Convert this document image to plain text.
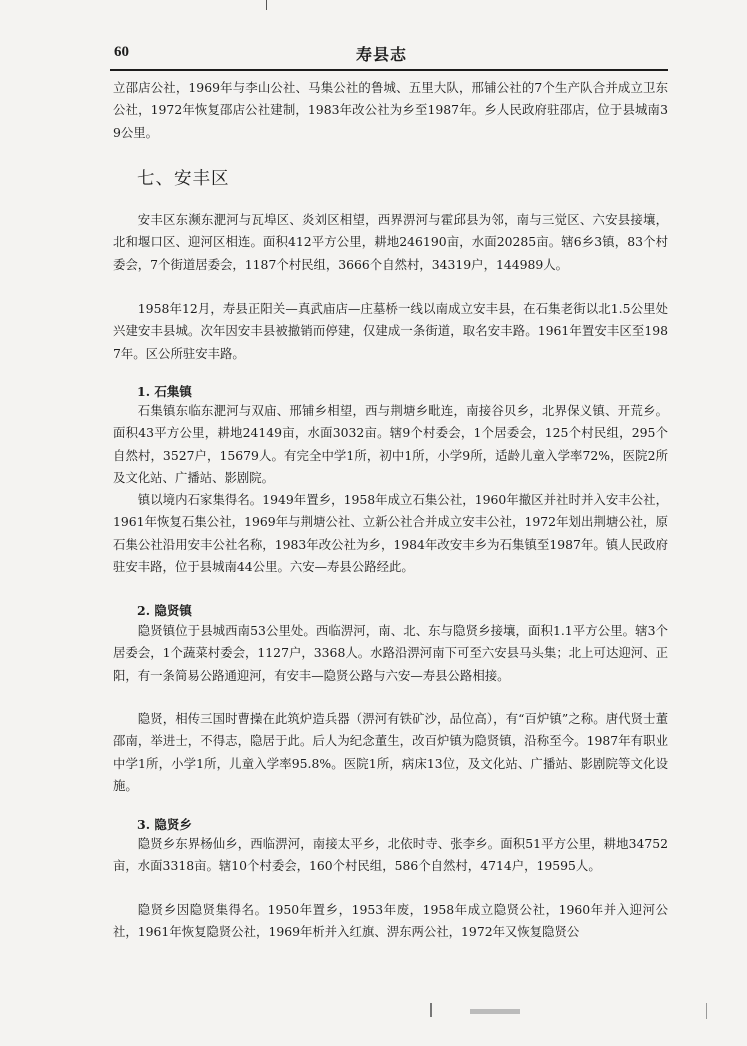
60	寿县志
立邵店公社，1969年与李山公社、马集公社的鲁城、五里大队，邢铺公社的7个生产队合并成立卫东公社，1972年恢复邵店公社建制，1983年改公社为乡至1987年。乡人民政府驻邵店，位于县城南39公里。
七、安丰区
安丰区东濒东淝河与瓦埠区、炎刘区相望，西界淠河与霍邱县为邻，南与三觉区、六安县接壤，北和堰口区、迎河区相连。面积412平方公里，耕地246190亩，水面20285亩。辖6乡3镇，83个村委会，7个街道居委会，1187个村民组，3666个自然村，34319户，144989人。
1958年12月，寿县正阳关—真武庙店—庄墓桥一线以南成立安丰县，在石集老街以北1.5公里处兴建安丰县城。次年因安丰县被撤销而停建，仅建成一条街道，取名安丰路。1961年置安丰区至1987年。区公所驻安丰路。
1. 石集镇
石集镇东临东淝河与双庙、邢铺乡相望，西与荆塘乡毗连，南接谷贝乡，北界保义镇、开荒乡。面积43平方公里，耕地24149亩，水面3032亩。辖9个村委会，1个居委会，125个村民组，295个自然村，3527户，15679人。有完全中学1所，初中1所，小学9所，适龄儿童入学率72%，医院2所及文化站、广播站、影剧院。
镇以境内石家集得名。1949年置乡，1958年成立石集公社，1960年撤区并社时并入安丰公社，1961年恢复石集公社，1969年与荆塘公社、立新公社合并成立安丰公社，1972年划出荆塘公社，原石集公社沿用安丰公社名称，1983年改公社为乡，1984年改安丰乡为石集镇至1987年。镇人民政府驻安丰路，位于县城南44公里。六安—寿县公路经此。
2. 隐贤镇
隐贤镇位于县城西南53公里处。西临淠河，南、北、东与隐贤乡接壤，面积1.1平方公里。辖3个居委会，1个蔬菜村委会，1127户，3368人。水路沿淠河南下可至六安县马头集；北上可达迎河、正阳，有一条简易公路通迎河，有安丰—隐贤公路与六安—寿县公路相接。
隐贤，相传三国时曹操在此筑炉造兵器（淠河有铁矿沙，品位高），有“百炉镇”之称。唐代贤士董邵南，举进士，不得志，隐居于此。后人为纪念董生，改百炉镇为隐贤镇，沿称至今。1987年有职业中学1所，小学1所，儿童入学率95.8%。医院1所，病床13位，及文化站、广播站、影剧院等文化设施。
3. 隐贤乡
隐贤乡东界杨仙乡，西临淠河，南接太平乡，北依时寺、张李乡。面积51平方公里，耕地34752亩，水面3318亩。辖10个村委会，160个村民组，586个自然村，4714户，19595人。
隐贤乡因隐贤集得名。1950年置乡，1953年废，1958年成立隐贤公社，1960年并入迎河公社，1961年恢复隐贤公社，1969年析并入红旗、淠东两公社，1972年又恢复隐贤公
